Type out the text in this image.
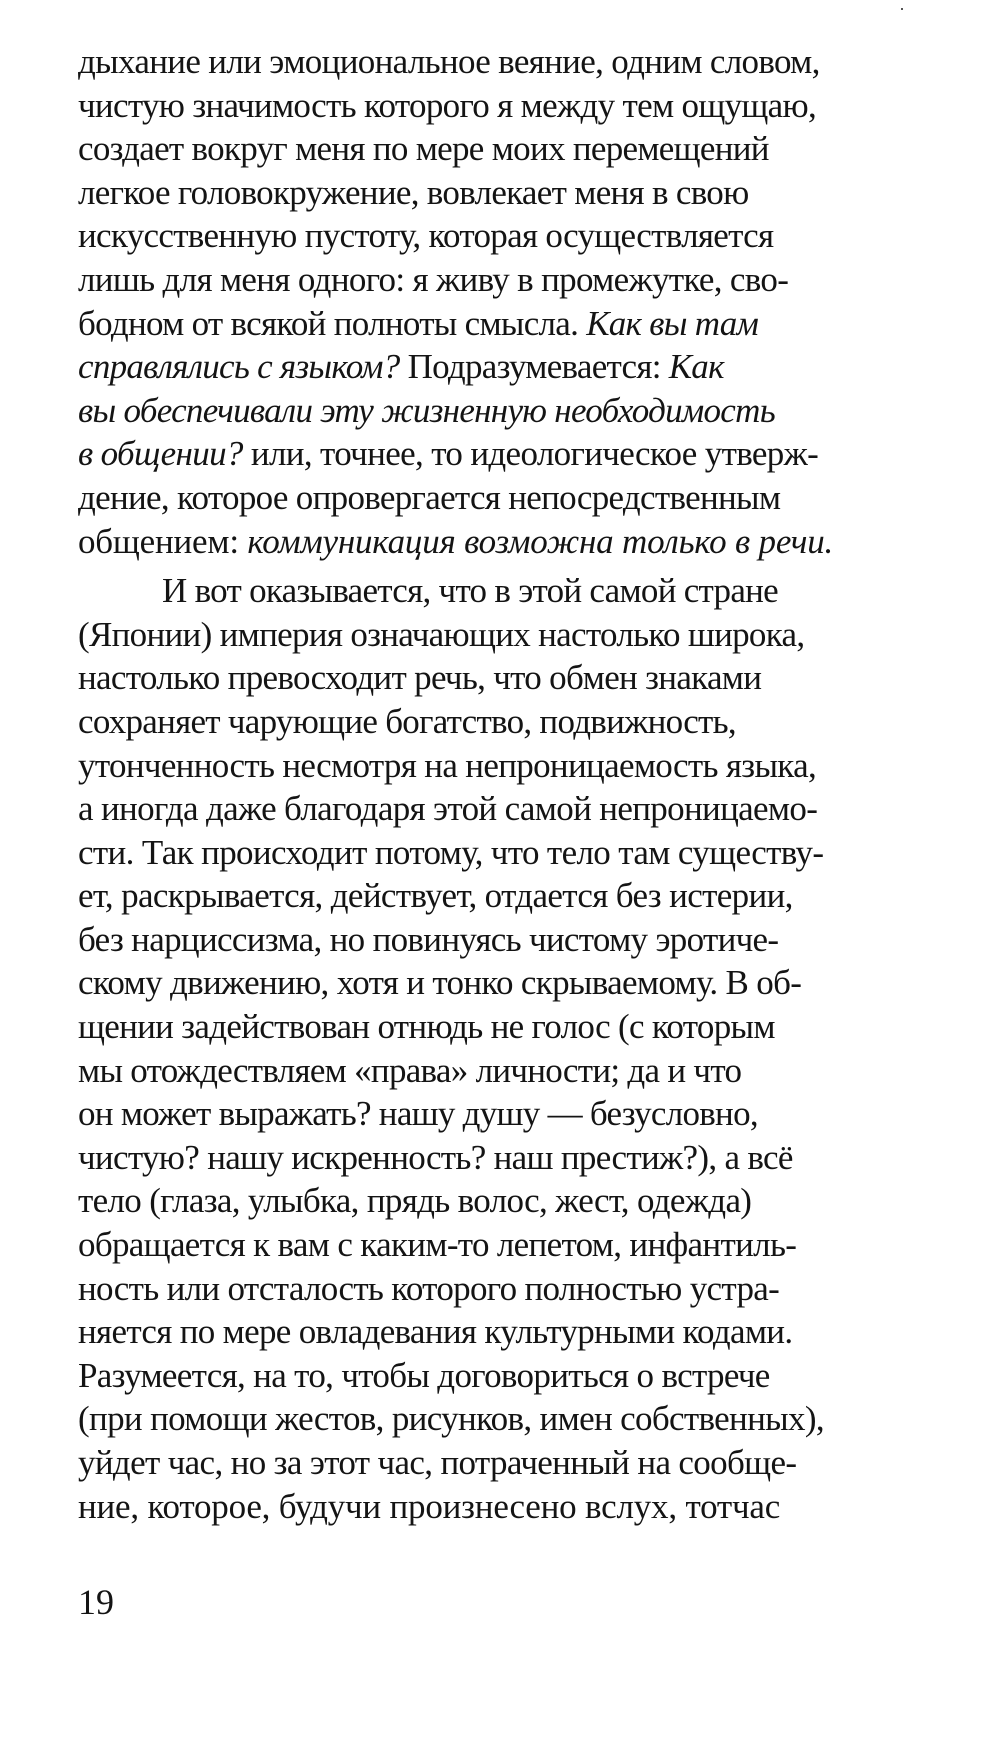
дыхание или эмоциональное веяние, одним словом,
чистую значимость которого я между тем ощущаю,
создает вокруг меня по мере моих перемещений
легкое головокружение, вовлекает меня в свою
искусственную пустоту, которая осуществляется
лишь для меня одного: я живу в промежутке, сво-
бодном от всякой полноты смысла. Как вы там
справлялись с языком? Подразумевается: Как
вы обеспечивали эту жизненную необходимость
в общении? или, точнее, то идеологическое утверж-
дение, которое опровергается непосредственным
общением: коммуникация возможна только в речи.
И вот оказывается, что в этой самой стране
(Японии) империя означающих настолько широка,
настолько превосходит речь, что обмен знаками
сохраняет чарующие богатство, подвижность,
утонченность несмотря на непроницаемость языка,
а иногда даже благодаря этой самой непроницаемо-
сти. Так происходит потому, что тело там существу-
ет, раскрывается, действует, отдается без истерии,
без нарциссизма, но повинуясь чистому эротиче-
скому движению, хотя и тонко скрываемому. В об-
щении задействован отнюдь не голос (с которым
мы отождествляем «права» личности; да и что
он может выражать? нашу душу — безусловно,
чистую? нашу искренность? наш престиж?), а всё
тело (глаза, улыбка, прядь волос, жест, одежда)
обращается к вам с каким-то лепетом, инфантиль-
ность или отсталость которого полностью устра-
няется по мере овладевания культурными кодами.
Разумеется, на то, чтобы договориться о встрече
(при помощи жестов, рисунков, имен собственных),
уйдет час, но за этот час, потраченный на сообще-
ние, которое, будучи произнесено вслух, тотчас
19
